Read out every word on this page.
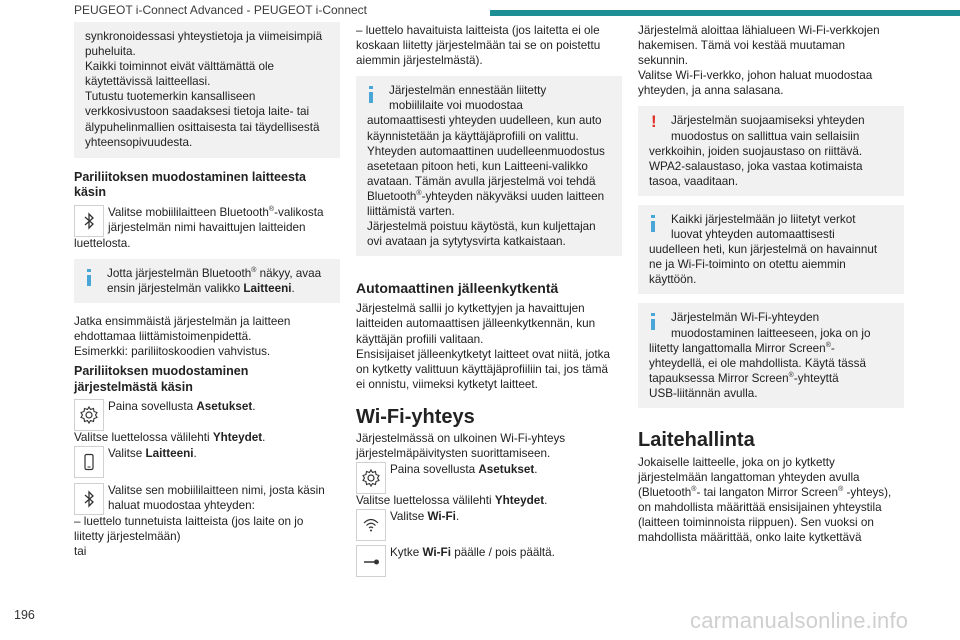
PEUGEOT i-Connect Advanced - PEUGEOT i-Connect
synkronoidessasi yhteystietoja ja viimeisimpiä
puheluita.
Kaikki toiminnot eivät välttämättä ole
käytettävissä laitteellasi.
Tutustu tuotemerkin kansalliseen
verkkosivustoon saadaksesi tietoja laite- tai
älypuhelinmallien osittaisesta tai täydellisestä
yhteensopivuudesta.
Pariliitoksen muodostaminen laitteesta
käsin
Valitse mobiililaitteen Bluetooth®-valikosta
järjestelmän nimi havaittujen laitteiden

luettelosta.

Jotta järjestelmän Bluetooth® näkyy, avaa
ensin järjestelmän valikko Laitteeni.

Jatka ensimmäistä järjestelmän ja laitteen
ehdottamaa liittämistoimenpidettä.
Esimerkki: pariliitoskoodien vahvistus.

Pariliitoksen muodostaminen
järjestelmästä käsin
Paina sovellusta Asetukset.

Valitse luettelossa välilehti Yhteydet.

Valitse Laitteeni.
Valitse sen mobiililaitteen nimi, josta käsin
haluat muodostaa yhteyden:

– luettelo tunnetuista laitteista (jos laite on jo
liitetty järjestelmään)
tai

– luettelo havaituista laitteista (jos laitetta ei ole
koskaan liitetty järjestelmään tai se on poistettu
aiemmin järjestelmästä).

Järjestelmän ennestään liitetty
mobiililaite voi muodostaa
automaattisesti yhteyden uudelleen, kun auto
käynnistetään ja käyttäjäprofiili on valittu.
Yhteyden automaattinen uudelleenmuodostus
asetetaan pitoon heti, kun Laitteeni-valikko
avataan. Tämän avulla järjestelmä voi tehdä
Bluetooth®-yhteyden näkyväksi uuden laitteen
liittämistä varten.
Järjestelmä poistuu käytöstä, kun kuljettajan
ovi avataan ja sytytysvirta katkaistaan.
Automaattinen jälleenkytkentä

Järjestelmä sallii jo kytkettyjen ja havaittujen
laitteiden automaattisen jälleenkytkennän, kun
käyttäjän profiili valitaan.
Ensisijaiset jälleenkytketyt laitteet ovat niitä, jotka
on kytketty valittuun käyttäjäprofiiliin tai, jos tämä
ei onnistu, viimeksi kytketyt laitteet.

Wi-Fi-yhteys

Järjestelmässä on ulkoinen Wi-Fi-yhteys
järjestelmäpäivitysten suorittamiseen.

Paina sovellusta Asetukset.

Valitse luettelossa välilehti Yhteydet.

Valitse Wi-Fi.
Kytke Wi-Fi päälle / pois päältä.

Järjestelmä aloittaa lähialueen Wi-Fi-verkkojen
hakemisen. Tämä voi kestää muutaman
sekunnin.
Valitse Wi-Fi-verkko, johon haluat muodostaa
yhteyden, ja anna salasana.

!	Järjestelmän suojaamiseksi yhteyden
muodostus on sallittua vain sellaisiin
verkkoihin, joiden suojaustaso on riittävä.
WPA2-salaustaso, joka vastaa kotimaista
tasoa, vaaditaan.
Kaikki järjestelmään jo liitetyt verkot
luovat yhteyden automaattisesti
uudelleen heti, kun järjestelmä on havainnut
ne ja Wi-Fi-toiminto on otettu aiemmin
käyttöön.
Järjestelmän Wi-Fi-yhteyden
muodostaminen laitteeseen, joka on jo
liitetty langattomalla Mirror Screen®-
yhteydellä, ei ole mahdollista. Käytä tässä
tapauksessa Mirror Screen®-yhteyttä
USB-liitännän avulla.
Laitehallinta

Jokaiselle laitteelle, joka on jo kytketty
järjestelmään langattoman yhteyden avulla
(Bluetooth®- tai langaton Mirror Screen® -yhteys),
on mahdollista määrittää ensisijainen yhteystila
(laitteen toiminnoista riippuen). Sen vuoksi on
mahdollista määrittää, onko laite kytkettävä

196	carmanualsonline.info
